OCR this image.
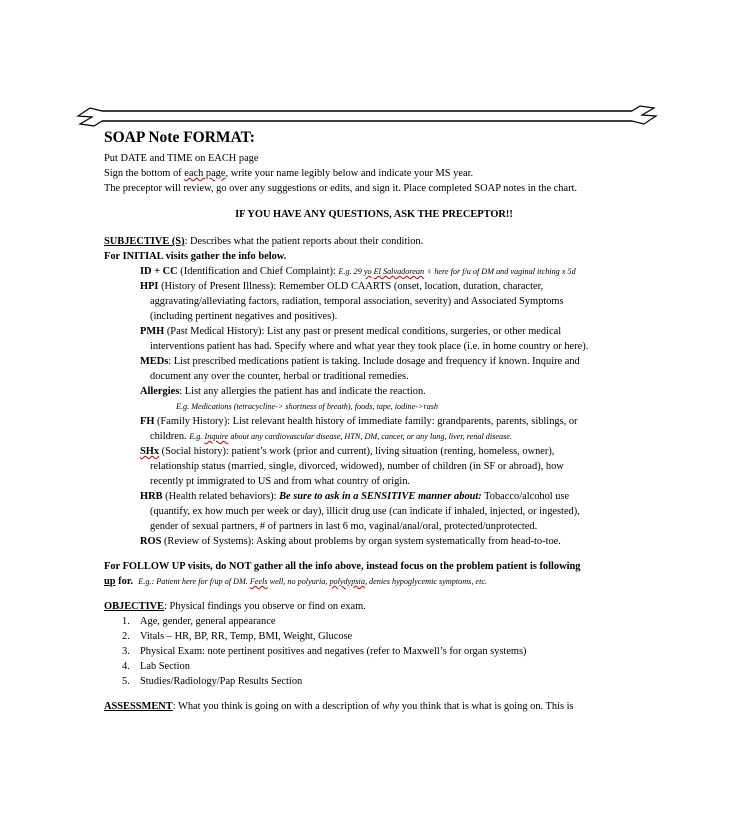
SOAP Note FORMAT:
Put DATE and TIME on EACH page
Sign the bottom of each page, write your name legibly below and indicate your MS year.
The preceptor will review, go over any suggestions or edits, and sign it. Place completed SOAP notes in the chart.
IF YOU HAVE ANY QUESTIONS, ASK THE PRECEPTOR!!
SUBJECTIVE (S): Describes what the patient reports about their condition.
For INITIAL visits gather the info below.
ID + CC (Identification and Chief Complaint): E.g. 29 yo El Salvadorean ♀ here for f/u of DM and vaginal itching x 5d
HPI (History of Present Illness): Remember OLD CAARTS (onset, location, duration, character,
aggravating/alleviating factors, radiation, temporal association, severity) and Associated Symptoms
(including pertinent negatives and positives).
PMH (Past Medical History): List any past or present medical conditions, surgeries, or other medical
interventions patient has had. Specify where and what year they took place (i.e. in home country or here).
MEDs: List prescribed medications patient is taking. Include dosage and frequency if known. Inquire and
document any over the counter, herbal or traditional remedies.
Allergies: List any allergies the patient has and indicate the reaction.
E.g. Medications (tetracycline-> shortness of breath), foods, tape, iodine->rash
FH (Family History): List relevant health history of immediate family: grandparents, parents, siblings, or
children. E.g. Inquire about any cardiovascular disease, HTN, DM, cancer, or any lung, liver, renal disease.
SHx (Social history): patient’s work (prior and current), living situation (renting, homeless, owner),
relationship status (married, single, divorced, widowed), number of children (in SF or abroad), how
recently pt immigrated to US and from what country of origin.
HRB (Health related behaviors): Be sure to ask in a SENSITIVE manner about: Tobacco/alcohol use
(quantify, ex how much per week or day), illicit drug use (can indicate if inhaled, injected, or ingested),
gender of sexual partners, # of partners in last 6 mo, vaginal/anal/oral, protected/unprotected.
ROS (Review of Systems): Asking about problems by organ system systematically from head-to-toe.
For FOLLOW UP visits, do NOT gather all the info above, instead focus on the problem patient is following
up for. E.g.: Patient here for f/up of DM. Feels well, no polyuria, polydypsia, denies hypoglycemic symptoms, etc.
OBJECTIVE: Physical findings you observe or find on exam.
1. Age, gender, general appearance
2. Vitals – HR, BP, RR, Temp, BMI, Weight, Glucose
3. Physical Exam: note pertinent positives and negatives (refer to Maxwell’s for organ systems)
4. Lab Section
5. Studies/Radiology/Pap Results Section
ASSESSMENT: What you think is going on with a description of why you think that is what is going on. This is
